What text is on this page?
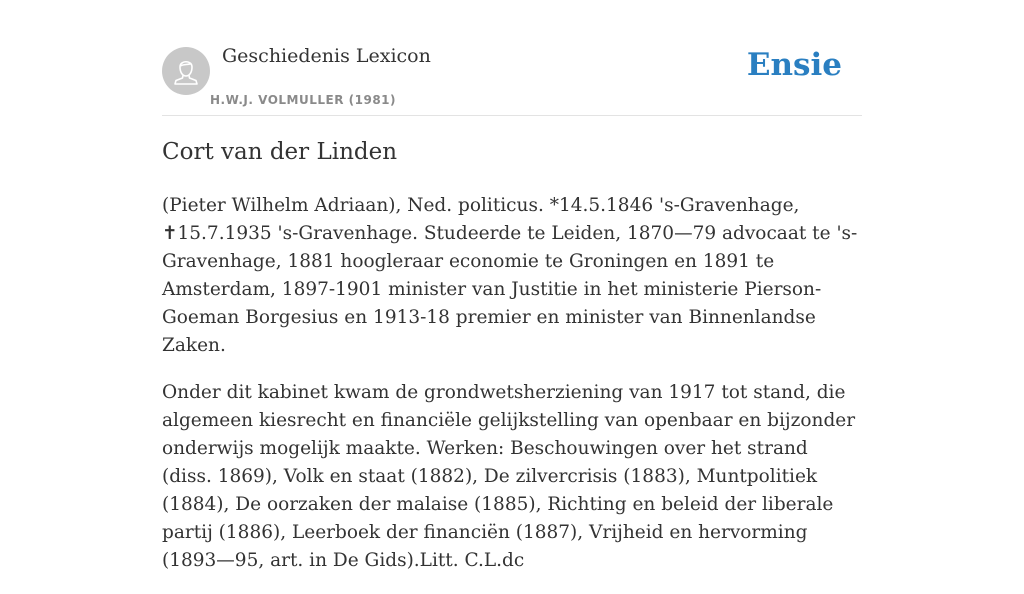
Geschiedenis Lexicon
H.W.J. VOLMULLER (1981)
Ensie
Cort van der Linden

(Pieter Wilhelm Adriaan), Ned. politicus. *14.5.1846 's-Gravenhage, ✝15.7.1935 's-Gravenhage. Studeerde te Leiden, 1870—79 advocaat te 's-Gravenhage, 1881 hoogleraar economie te Groningen en 1891 te Amsterdam, 1897-1901 minister van Justitie in het ministerie Pierson-Goeman Borgesius en 1913-18 premier en minister van Binnenlandse Zaken.

Onder dit kabinet kwam de grondwetsherziening van 1917 tot stand, die algemeen kiesrecht en financiële gelijkstelling van openbaar en bijzonder onderwijs mogelijk maakte. Werken: Beschouwingen over het strand (diss. 1869), Volk en staat (1882), De zilvercrisis (1883), Muntpolitiek (1884), De oorzaken der malaise (1885), Richting en beleid der liberale partij (1886), Leerboek der financiën (1887), Vrijheid en hervorming (1893—95, art. in De Gids).Litt. C.L.dc
